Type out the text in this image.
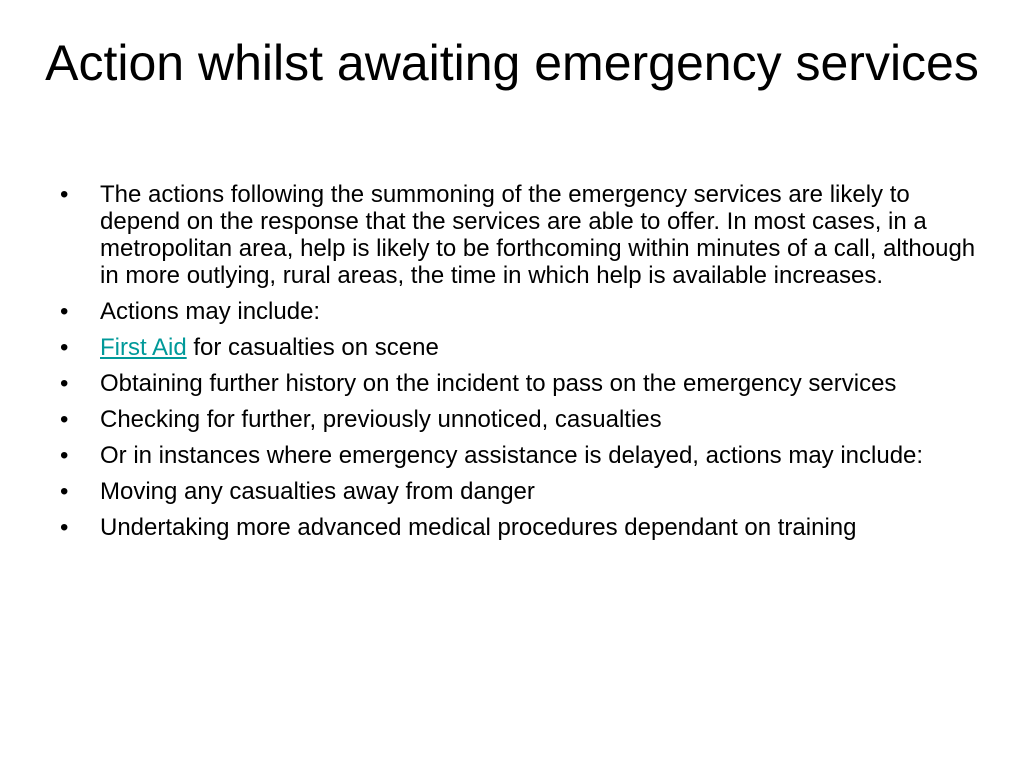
Action whilst awaiting emergency services
• The actions following the summoning of the emergency services are likely to depend on the response that the services are able to offer. In most cases, in a metropolitan area, help is likely to be forthcoming within minutes of a call, although in more outlying, rural areas, the time in which help is available increases.
• Actions may include:
• First Aid for casualties on scene
• Obtaining further history on the incident to pass on the emergency services
• Checking for further, previously unnoticed, casualties
• Or in instances where emergency assistance is delayed, actions may include:
• Moving any casualties away from danger
• Undertaking more advanced medical procedures dependant on training
